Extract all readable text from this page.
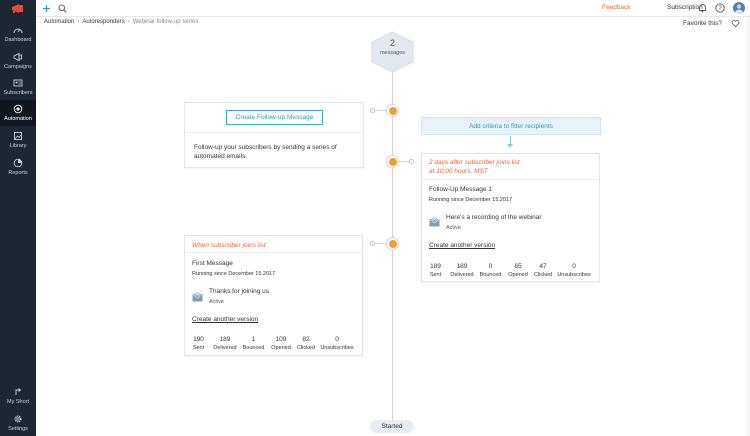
Dashboard
Campaigns
Subscribers
Automation
Library
Reports
My Short
Settings
Feedback	Subscription	?
Automation › Autoresponders › Webinar follow-up series	Favorite this?
2
messages
Started
Create Follow-up Message
Follow-up your subscribers by sending a series of automated emails.
Add criteria to filter recipients
2 days after subscriber joins list
at 10:00 hours, MST
Follow-Up Message 1
Running since December 15,2017
Here's a recording of the webinar
Active
Create another version
189
Sent
189
Delivered
0
Bounced
65
Opened
47
Clicked
0
Unsubscribes
When subscriber joins list
First Message
Running since December 15,2017
Thanks for joining us
Active
Create another version
190
Sent
189
Delivered
1
Bounced
109
Opened
82
Clicked
0
Unsubscribes
